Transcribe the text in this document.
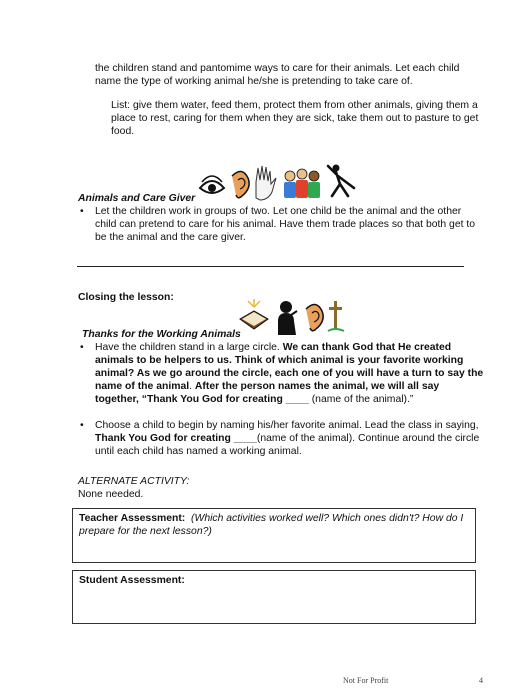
the children stand and pantomime ways to care for their animals. Let each child
name the type of working animal he/she is pretending to take care of.
List: give them water, feed them, protect them from other animals, giving them a
place to rest, caring for them when they are sick, take them out to pasture to get
food.
Animals and Care Giver
• Let the children work in groups of two. Let one child be the animal and the other
child can pretend to care for his animal. Have them trade places so that both get to
be the animal and the care giver.
Closing the lesson:
Thanks for the Working Animals
• Have the children stand in a large circle. We can thank God that He created
animals to be helpers to us. Think of which animal is your favorite working
animal? As we go around the circle, each one of you will have a turn to say the
name of the animal. After the person names the animal, we will all say
together, “Thank You God for creating ____ (name of the animal).”
• Choose a child to begin by naming his/her favorite animal. Lead the class in saying,
Thank You God for creating ____(name of the animal). Continue around the circle
until each child has named a working animal.
ALTERNATE ACTIVITY:
None needed.
Teacher Assessment: (Which activities worked well? Which ones didn't? How do I
prepare for the next lesson?)
Student Assessment:
Not For Profit	4
